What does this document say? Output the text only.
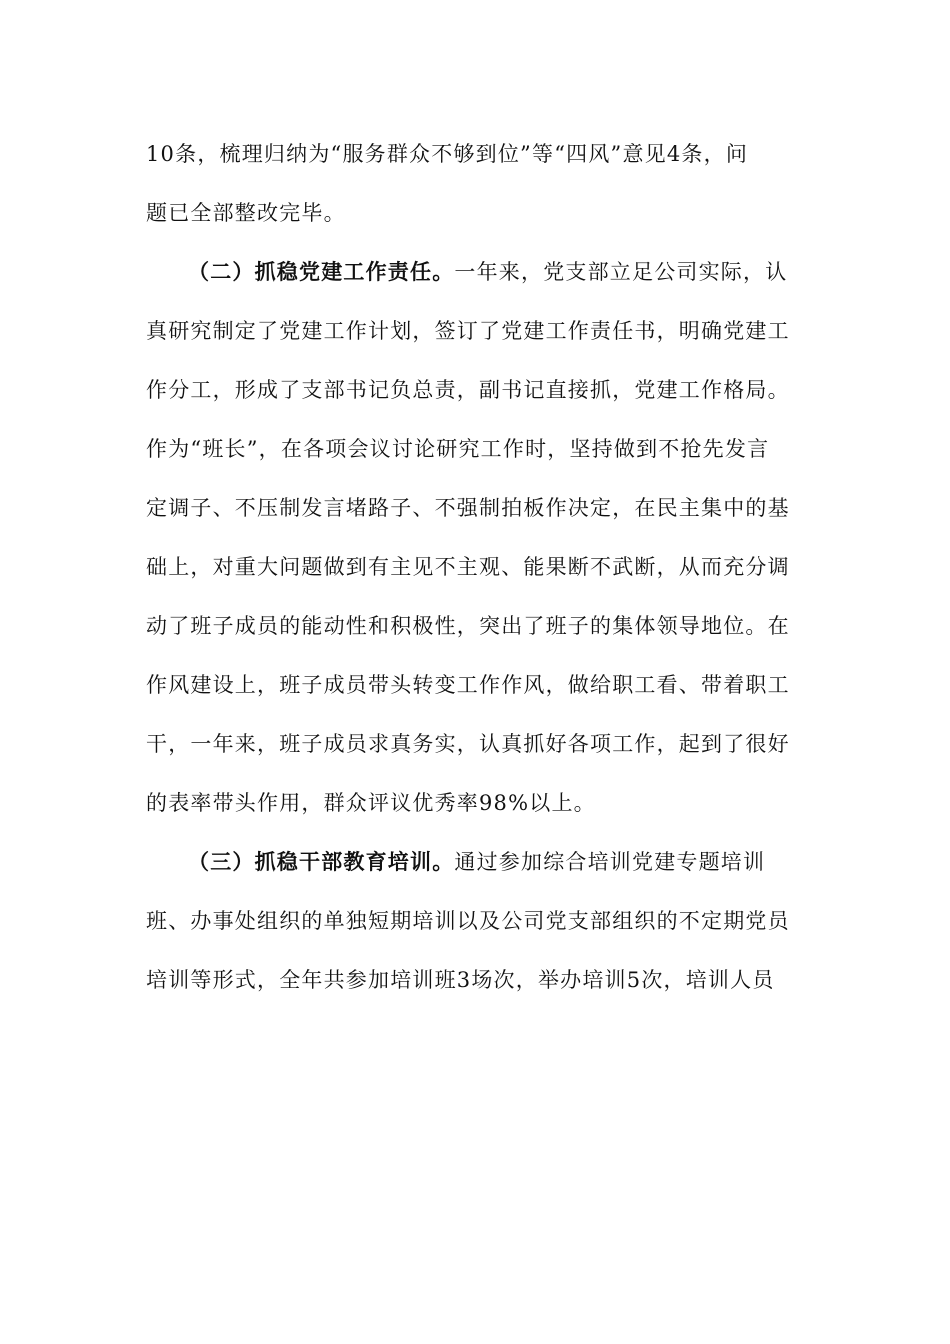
10条，梳理归纳为“服务群众不够到位”等“四风”意见4条，问
题已全部整改完毕。
（二）抓稳党建工作责任。一年来，党支部立足公司实际，认
真研究制定了党建工作计划，签订了党建工作责任书，明确党建工
作分工，形成了支部书记负总责，副书记直接抓，党建工作格局。
作为“班长”，在各项会议讨论研究工作时，坚持做到不抢先发言
定调子、不压制发言堵路子、不强制拍板作决定，在民主集中的基
础上，对重大问题做到有主见不主观、能果断不武断，从而充分调
动了班子成员的能动性和积极性，突出了班子的集体领导地位。在
作风建设上，班子成员带头转变工作作风，做给职工看、带着职工
干，一年来，班子成员求真务实，认真抓好各项工作，起到了很好
的表率带头作用，群众评议优秀率98%以上。
（三）抓稳干部教育培训。通过参加综合培训党建专题培训
班、办事处组织的单独短期培训以及公司党支部组织的不定期党员
培训等形式，全年共参加培训班3场次，举办培训5次，培训人员
